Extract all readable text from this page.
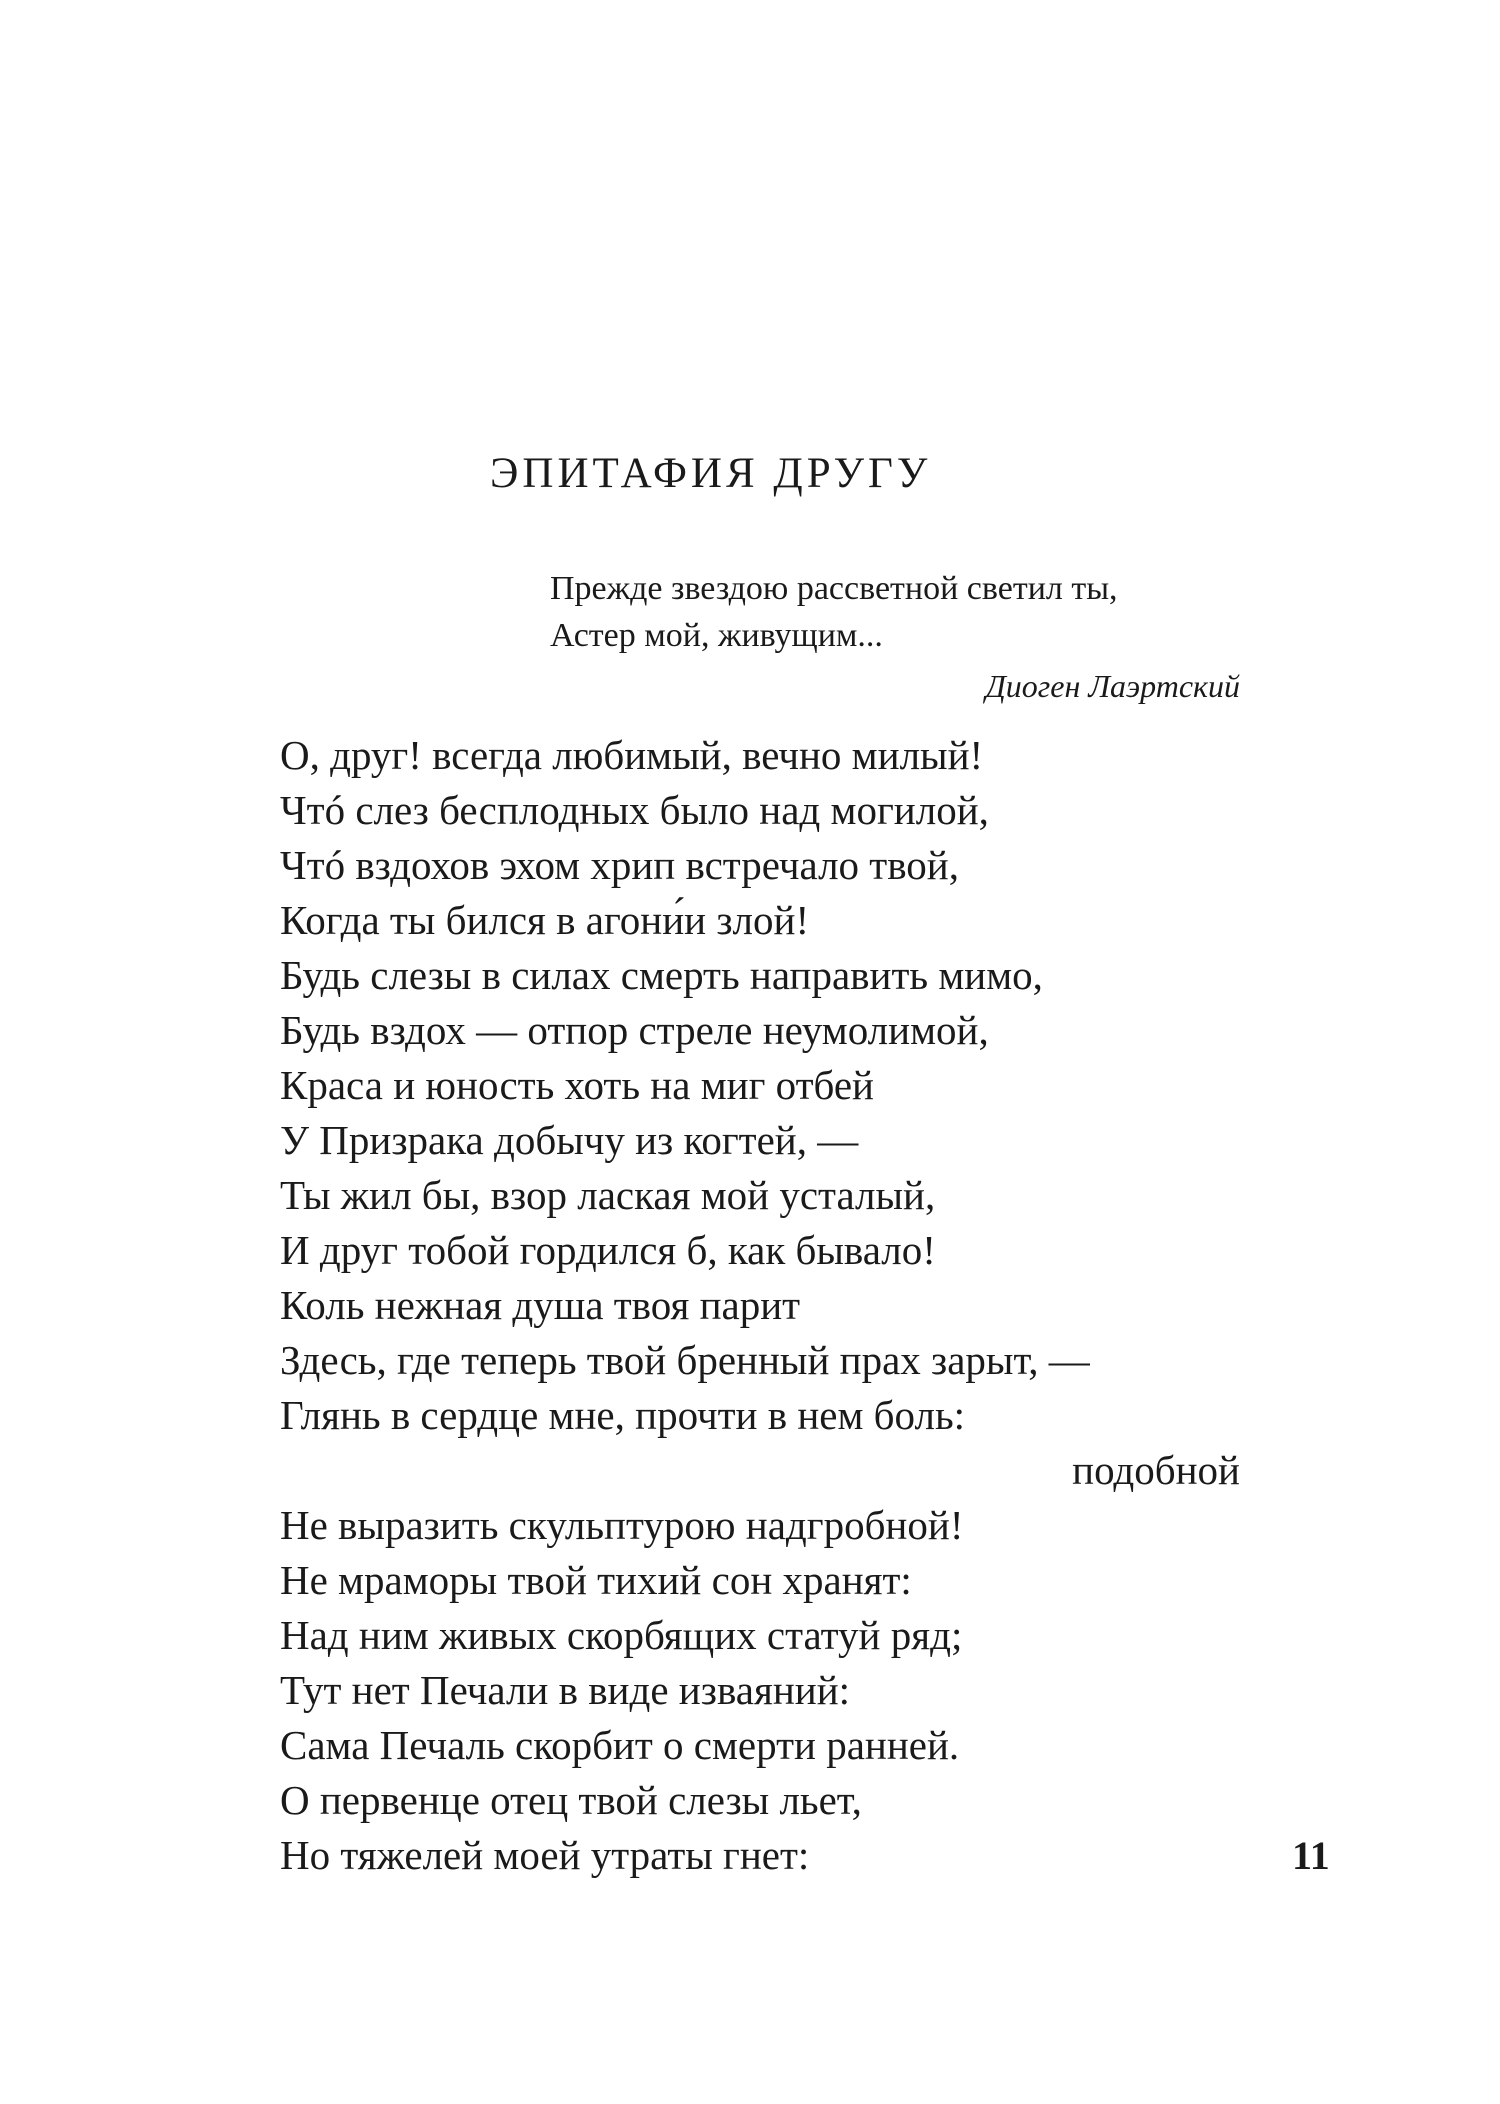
ЭПИТАФИЯ ДРУГУ
Прежде звездою рассветной светил ты,
Астер мой, живущим...
Диоген Лаэртский
О, друг! всегда любимый, вечно милый!
Чтó слез бесплодных было над могилой,
Чтó вздохов эхом хрип встречало твой,
Когда ты бился в агони́и злой!
Будь слезы в силах смерть направить мимо,
Будь вздох — отпор стреле неумолимой,
Краса и юность хоть на миг отбей
У Призрака добычу из когтей, —
Ты жил бы, взор лаская мой усталый,
И друг тобой гордился б, как бывало!
Коль нежная душа твоя парит
Здесь, где теперь твой бренный прах зарыт, —
Глянь в сердце мне, прочти в нем боль:
подобной
Не выразить скульптурою надгробной!
Не мраморы твой тихий сон хранят:
Над ним живых скорбящих статуй ряд;
Тут нет Печали в виде изваяний:
Сама Печаль скорбит о смерти ранней.
О первенце отец твой слезы льет,
Но тяжелей моей утраты гнет:	11
